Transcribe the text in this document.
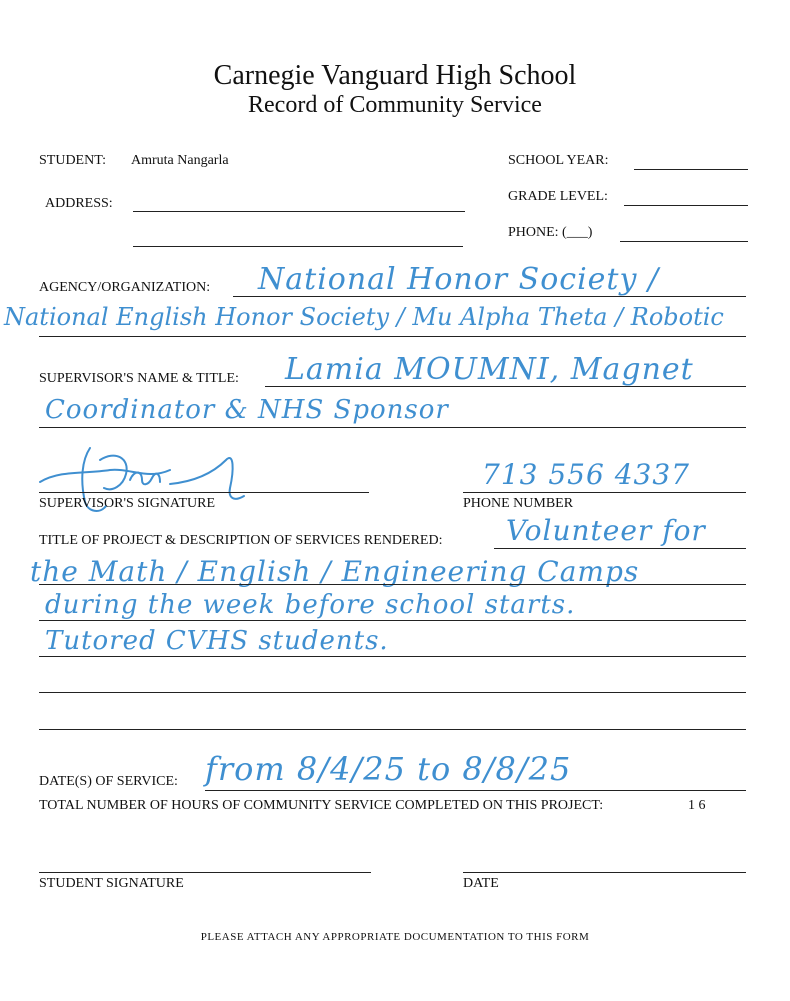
Carnegie Vanguard High School
Record of Community Service
STUDENT: Amruta Nangarla	SCHOOL YEAR:
ADDRESS:	GRADE LEVEL:
PHONE: (___)
AGENCY/ORGANIZATION: National Honor Society /
National English Honor Society / Mu Alpha Theta / Robotic
SUPERVISOR'S NAME & TITLE: Lamia MOUMNI, Magnet
Coordinator & NHS Sponsor
SUPERVISOR'S SIGNATURE
713 556 4337
PHONE NUMBER
TITLE OF PROJECT & DESCRIPTION OF SERVICES RENDERED: Volunteer for
the Math / English / Engineering Camps
during the week before school starts.
Tutored CVHS students.
DATE(S) OF SERVICE: from 8/4/25 to 8/8/25
TOTAL NUMBER OF HOURS OF COMMUNITY SERVICE COMPLETED ON THIS PROJECT:	1 6
STUDENT SIGNATURE	DATE
PLEASE ATTACH ANY APPROPRIATE DOCUMENTATION TO THIS FORM
